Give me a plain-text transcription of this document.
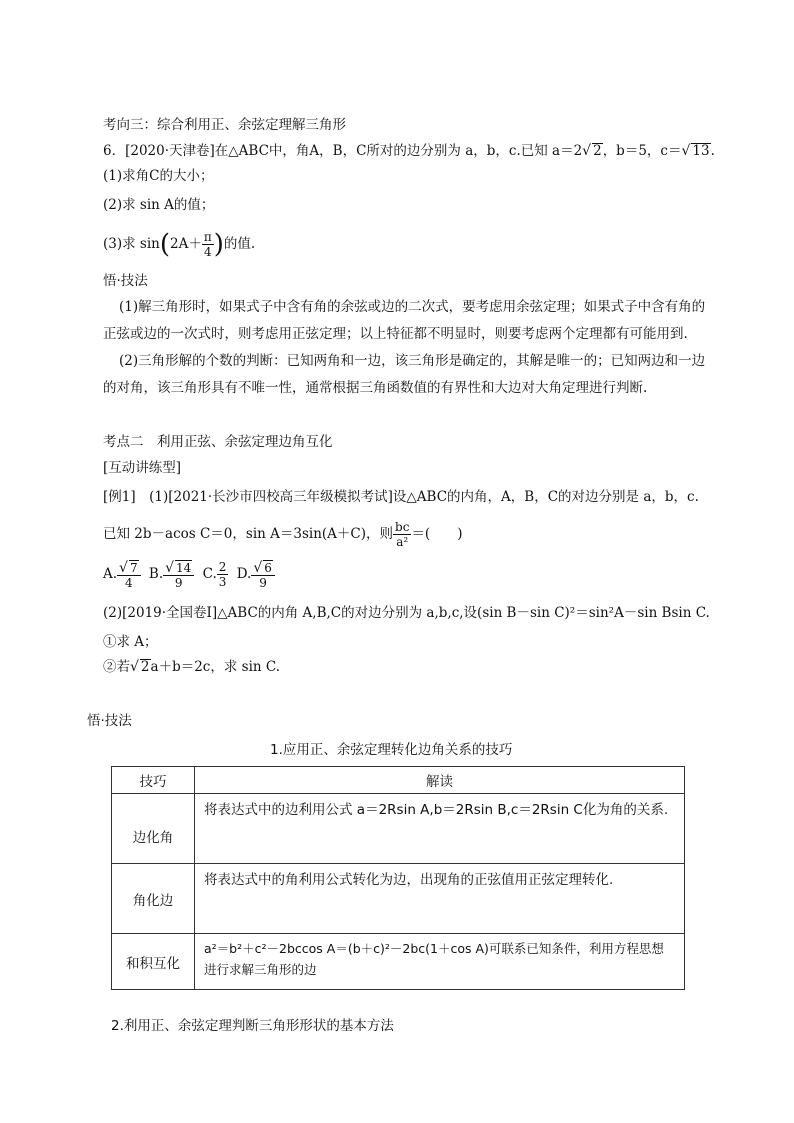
考向三：综合利用正、余弦定理解三角形
6．[2020·天津卷]在△ABC中，角A，B，C所对的边分别为 a，b，c.已知 a＝2√ 2，b＝5，c＝√ 13.
(1)求角C的大小；
(2)求 sin A的值；
(3)求 $\sin(2A+ \frac{\pi}{4}$ )的值.
悟·技法
(1)解三角形时，如果式子中含有角的余弦或边的二次式，要考虑用余弦定理；如果式子中含有角的
正弦或边的一次式时，则考虑用正弦定理；以上特征都不明显时，则要考虑两个定理都有可能用到.
(2)三角形解的个数的判断：已知两角和一边，该三角形是确定的，其解是唯一的；已知两边和一边
的对角，该三角形具有不唯一性，通常根据三角函数值的有界性和大边对大角定理进行判断.
考点二　利用正弦、余弦定理边角互化
[互动讲练型]
[例1]　(1)[2021·长沙市四校高三年级模拟考试]设△ABC的内角，A，B，C的对边分别是 a，b，c.
已知 2b－acos C＝0，sin A＝3sin(A＋C)，则 $\frac{bc}{\text{a²}}$ ＝(　　)
A. $\frac{√ 7}{4} B$. $\frac{√ 14}{9} C$. $\frac{2}{3} D$. $\frac{√ 6}{9}$
(2)[2019·全国卷Ⅰ]△ABC的内角 A,B,C的对边分别为 a,b,c,设(sin B－sin C)²＝sin²A－sin Bsin C.
①求 A；
②若√ 2a＋b＝2c，求 sin C.
悟·技法
1.应用正、余弦定理转化边角关系的技巧
技巧	解读
边化角	将表达式中的边利用公式 a＝2Rsin A,b＝2Rsin B,c＝2Rsin C化为角的关系.
角化边	将表达式中的角利用公式转化为边，出现角的正弦值用正弦定理转化.
和积互化	a²＝b²＋c²－2bccos A＝(b＋c)²－2bc(1＋cos A)可联系已知条件，利用方程思想
进行求解三角形的边
2.利用正、余弦定理判断三角形形状的基本方法
